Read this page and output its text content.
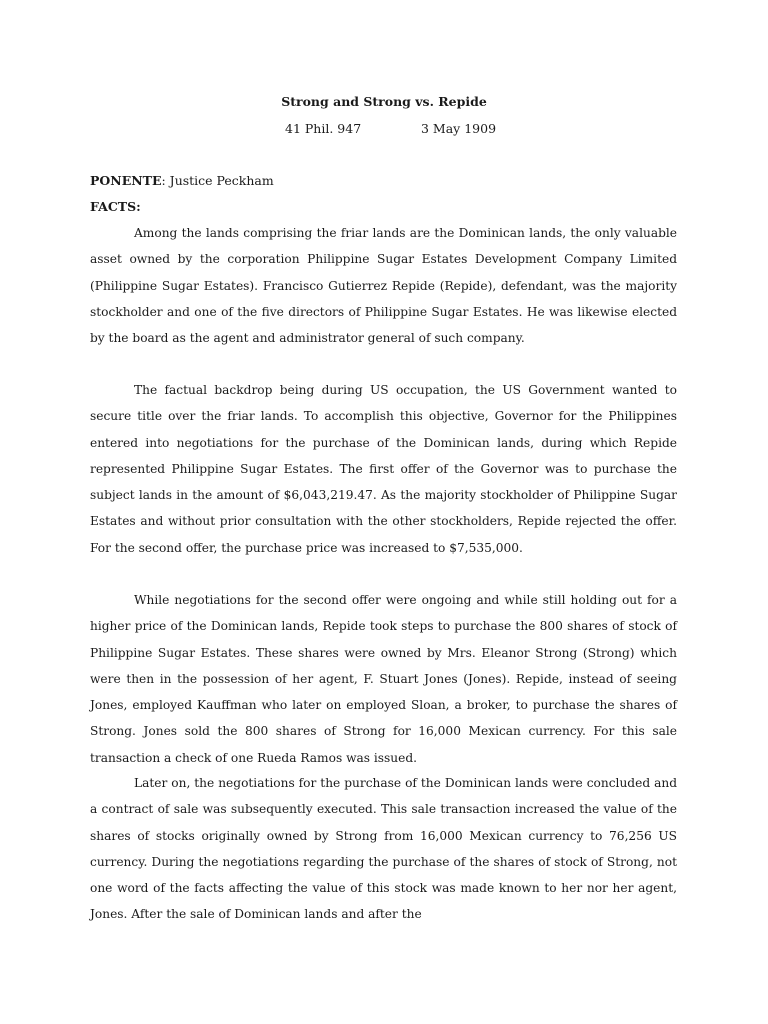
Strong and Strong vs. Repide
41 Phil. 947	3 May 1909
PONENTE: Justice Peckham
FACTS:

Among the lands comprising the friar lands are the Dominican lands, the only valuable asset owned by the corporation Philippine Sugar Estates Development Company Limited (Philippine Sugar Estates). Francisco Gutierrez Repide (Repide), defendant, was the majority stockholder and one of the five directors of Philippine Sugar Estates. He was likewise elected by the board as the agent and administrator general of such company.

The factual backdrop being during US occupation, the US Government wanted to secure title over the friar lands. To accomplish this objective, Governor for the Philippines entered into negotiations for the purchase of the Dominican lands, during which Repide represented Philippine Sugar Estates. The first offer of the Governor was to purchase the subject lands in the amount of $6,043,219.47. As the majority stockholder of Philippine Sugar Estates and without prior consultation with the other stockholders, Repide rejected the offer. For the second offer, the purchase price was increased to $7,535,000.

While negotiations for the second offer were ongoing and while still holding out for a higher price of the Dominican lands, Repide took steps to purchase the 800 shares of stock of Philippine Sugar Estates. These shares were owned by Mrs. Eleanor Strong (Strong) which were then in the possession of her agent, F. Stuart Jones (Jones). Repide, instead of seeing Jones, employed Kauffman who later on employed Sloan, a broker, to purchase the shares of Strong. Jones sold the 800 shares of Strong for 16,000 Mexican currency. For this sale transaction a check of one Rueda Ramos was issued.

Later on, the negotiations for the purchase of the Dominican lands were concluded and a contract of sale was subsequently executed. This sale transaction increased the value of the shares of stocks originally owned by Strong from 16,000 Mexican currency to 76,256 US currency. During the negotiations regarding the purchase of the shares of stock of Strong, not one word of the facts affecting the value of this stock was made known to her nor her agent, Jones. After the sale of Dominican lands and after the
